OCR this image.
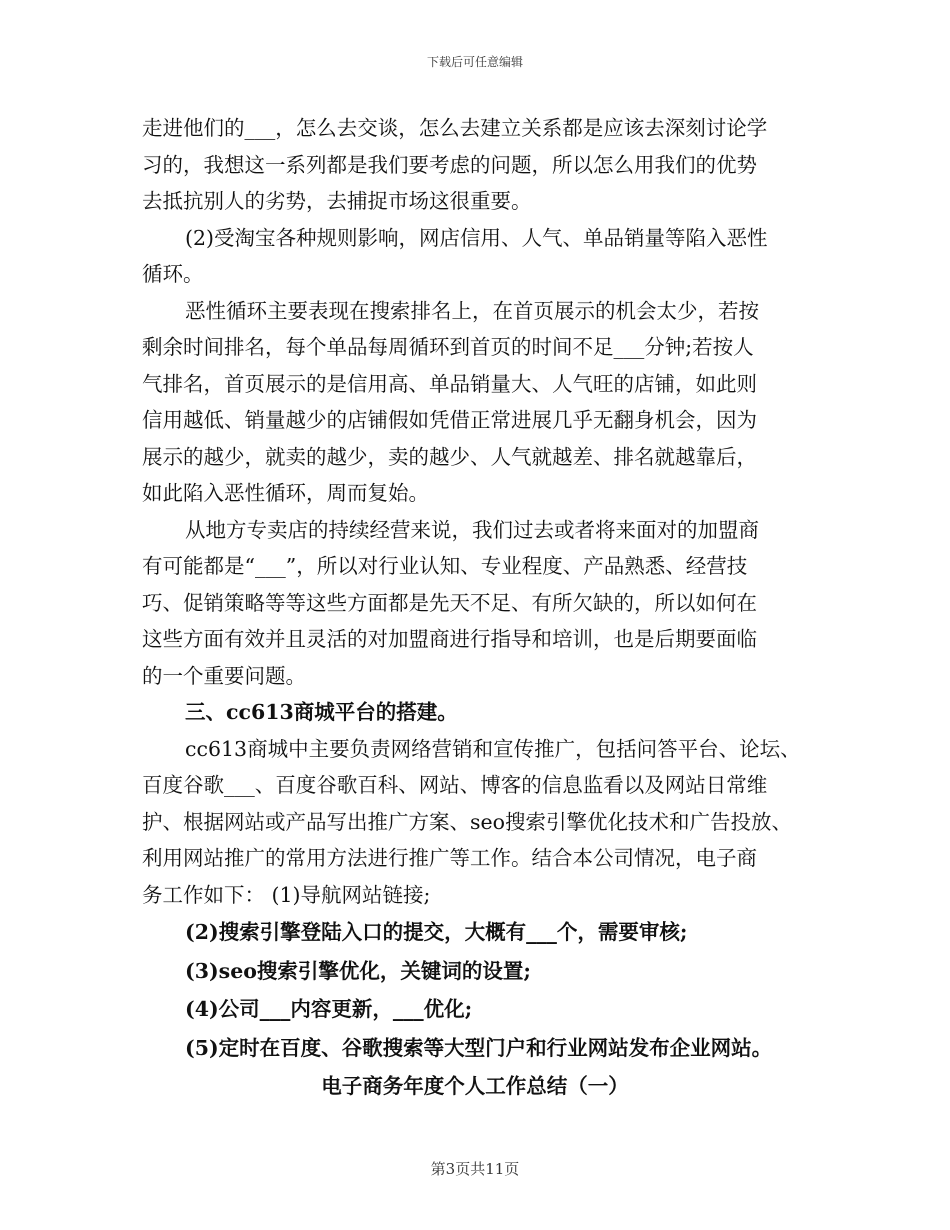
下载后可任意编辑
走进他们的___，怎么去交谈，怎么去建立关系都是应该去深刻讨论学
习的，我想这一系列都是我们要考虑的问题，所以怎么用我们的优势
去抵抗别人的劣势，去捕捉市场这很重要。
(2)受淘宝各种规则影响，网店信用、人气、单品销量等陷入恶性
循环。
恶性循环主要表现在搜索排名上，在首页展示的机会太少，若按
剩余时间排名，每个单品每周循环到首页的时间不足___分钟;若按人
气排名，首页展示的是信用高、单品销量大、人气旺的店铺，如此则
信用越低、销量越少的店铺假如凭借正常进展几乎无翻身机会，因为
展示的越少，就卖的越少，卖的越少、人气就越差、排名就越靠后，
如此陷入恶性循环，周而复始。
从地方专卖店的持续经营来说，我们过去或者将来面对的加盟商
有可能都是“___”，所以对行业认知、专业程度、产品熟悉、经营技
巧、促销策略等等这些方面都是先天不足、有所欠缺的，所以如何在
这些方面有效并且灵活的对加盟商进行指导和培训，也是后期要面临
的一个重要问题。
三、cc613商城平台的搭建。
cc613商城中主要负责网络营销和宣传推广，包括问答平台、论坛、
百度谷歌___、百度谷歌百科、网站、博客的信息监看以及网站日常维
护、根据网站或产品写出推广方案、seo搜索引擎优化技术和广告投放、
利用网站推广的常用方法进行推广等工作。结合本公司情况，电子商
务工作如下： (1)导航网站链接;
(2)搜索引擎登陆入口的提交，大概有___个，需要审核;
(3)seo搜索引擎优化，关键词的设置;
(4)公司___内容更新，___优化;
(5)定时在百度、谷歌搜索等大型门户和行业网站发布企业网站。
电子商务年度个人工作总结（一）
第3页共11页
